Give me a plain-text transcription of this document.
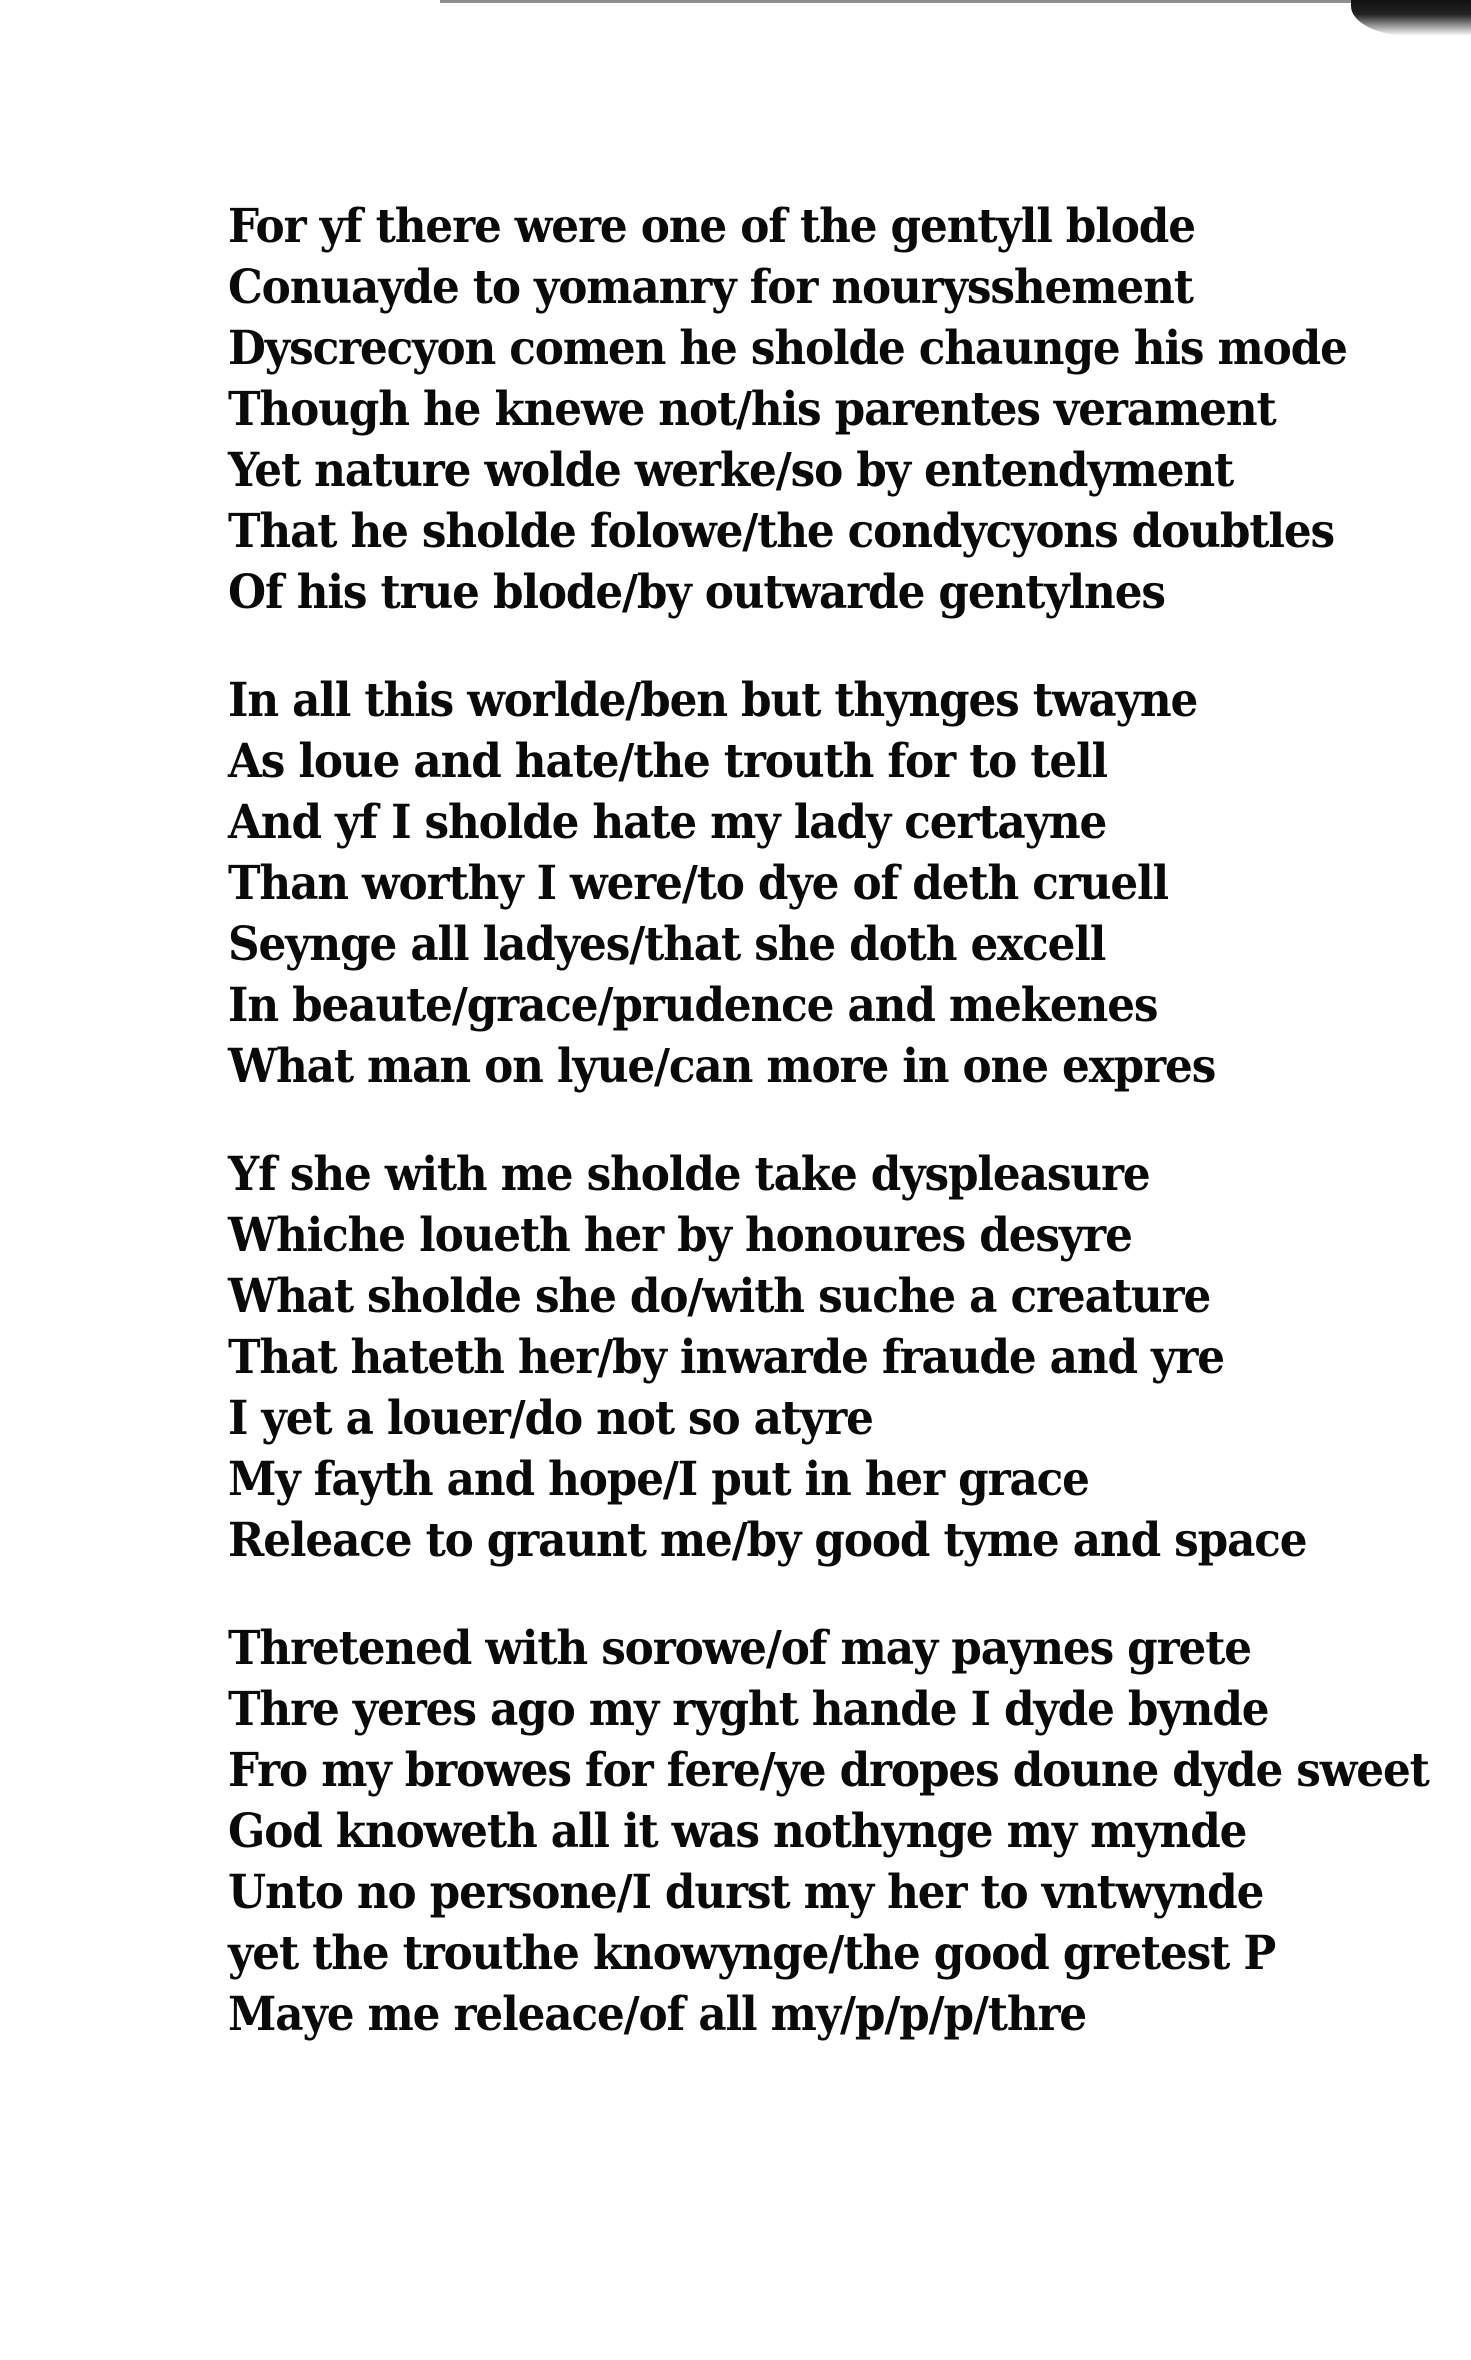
For yf there were one of the gentyll blode
Conuayde to yomanry for nourysshement
Dyscrecyon comen he sholde chaunge his mode
Though he knewe not/his parentes verament
Yet nature wolde werke/so by entendyment
That he sholde folowe/the condycyons doubtles
Of his true blode/by outwarde gentylnes
In all this worlde/ben but thynges twayne
As loue and hate/the trouth for to tell
And yf I sholde hate my lady certayne
Than worthy I were/to dye of deth cruell
Seynge all ladyes/that she doth excell
In beaute/grace/prudence and mekenes
What man on lyue/can more in one expres
Yf she with me sholde take dyspleasure
Whiche loueth her by honoures desyre
What sholde she do/with suche a creature
That hateth her/by inwarde fraude and yre
I yet a louer/do not so atyre
My fayth and hope/I put in her grace
Releace to graunt me/by good tyme and space
Thretened with sorowe/of may paynes grete
Thre yeres ago my ryght hande I dyde bynde
Fro my browes for fere/ye dropes doune dyde sweet
God knoweth all it was nothynge my mynde
Unto no persone/I durst my her to vntwynde
yet the trouthe knowynge/the good gretest P
Maye me releace/of all my/p/p/p/thre
